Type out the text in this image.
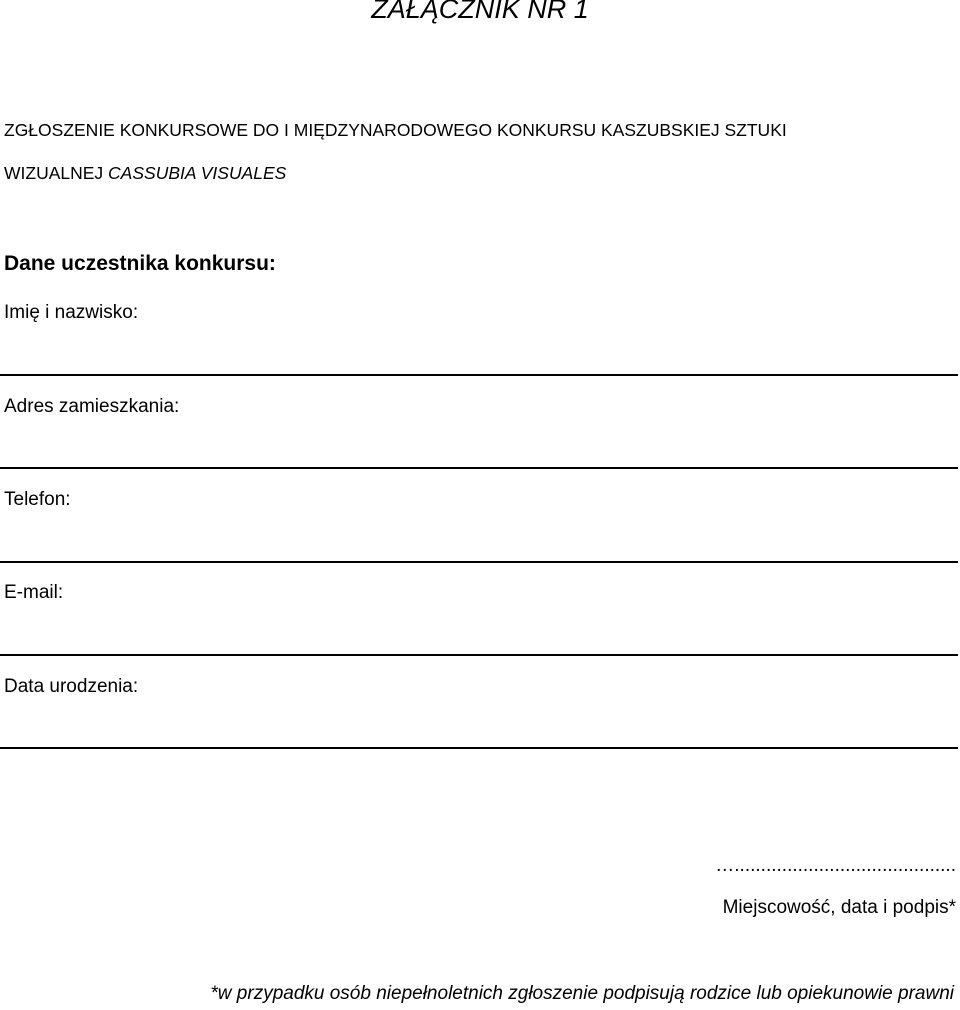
ZAŁĄCZNIK NR 1
ZGŁOSZENIE KONKURSOWE DO I MIĘDZYNARODOWEGO KONKURSU KASZUBSKIEJ SZTUKI
WIZUALNEJ CASSUBIA VISUALES
Dane uczestnika konkursu:
Imię i nazwisko:
Adres zamieszkania:
Telefon:
E-mail:
Data urodzenia:
…..........................................
Miejscowość, data i podpis*
*w przypadku osób niepełnoletnich zgłoszenie podpisują rodzice lub opiekunowie prawni
